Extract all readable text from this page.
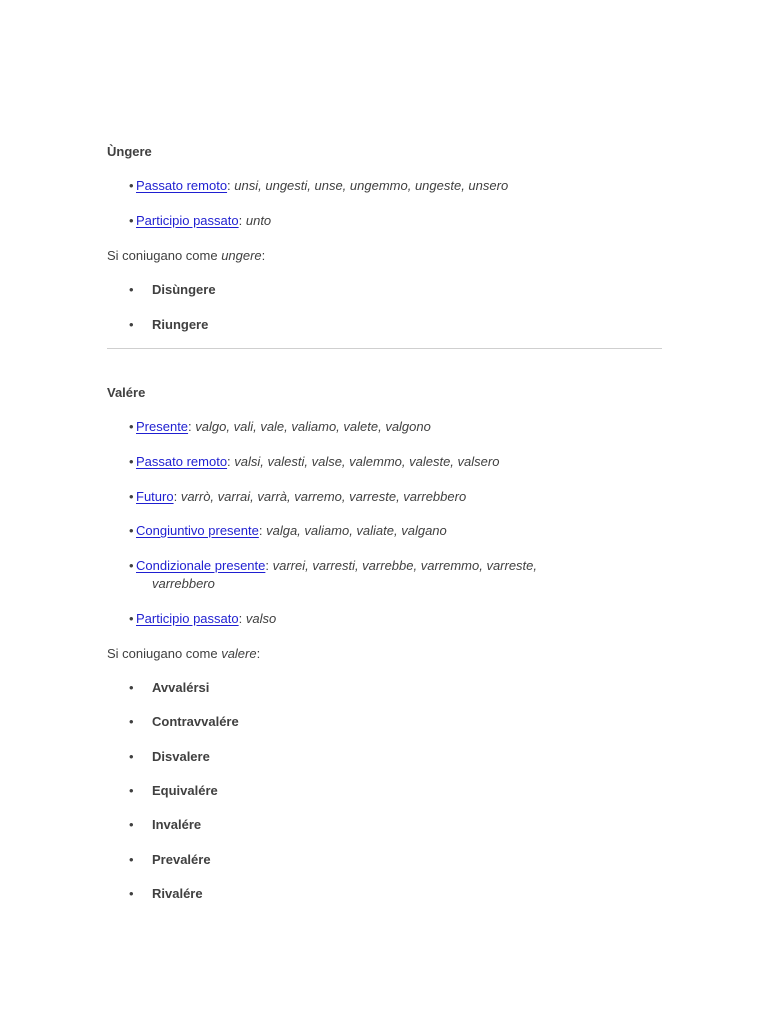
Ùngere

• Passato remoto: unsi, ungesti, unse, ungemmo, ungeste, unsero
• Participio passato: unto

Si coniugano come ungere:

• Disùngere
• Riungere

Valére

• Presente: valgo, vali, vale, valiamo, valete, valgono
• Passato remoto: valsi, valesti, valse, valemmo, valeste, valsero
• Futuro: varrò, varrai, varrà, varremo, varreste, varrebbero
• Congiuntivo presente: valga, valiamo, valiate, valgano
• Condizionale presente: varrei, varresti, varrebbe, varremmo, varreste,
varrebbero
• Participio passato: valso

Si coniugano come valere:

• Avvalérsi
• Contravvalére
• Disvalere
• Equivalére
• Invalére
• Prevalére
• Rivalére
